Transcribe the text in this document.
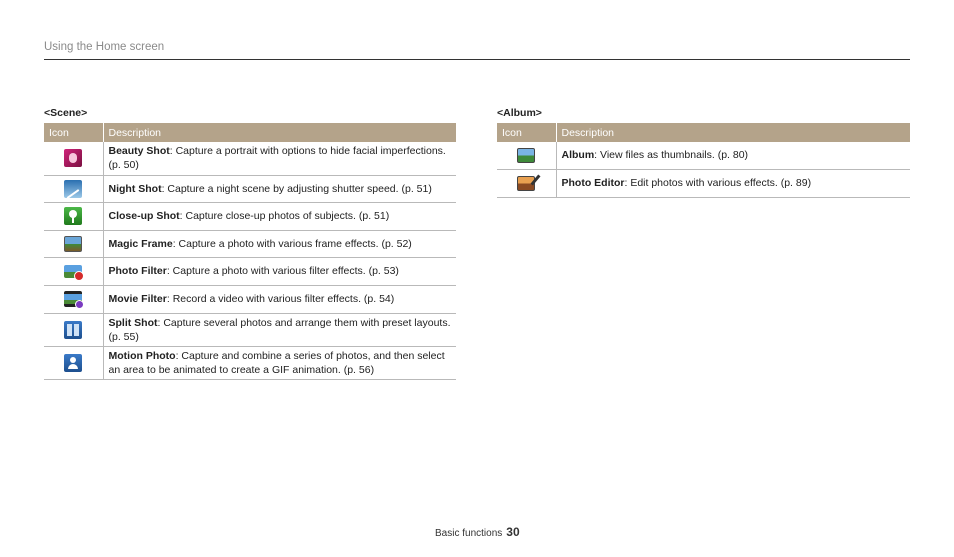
Using the Home screen
<Scene>
Icon	Description

	Beauty Shot: Capture a portrait with options to hide facial imperfections. (p. 50)

	Night Shot: Capture a night scene by adjusting shutter speed. (p. 51)

	Close-up Shot: Capture close-up photos of subjects. (p. 51)
	Magic Frame: Capture a photo with various frame effects. (p. 52)

	Photo Filter: Capture a photo with various filter effects. (p. 53)

	Movie Filter: Record a video with various filter effects. (p. 54)

	Split Shot: Capture several photos and arrange them with preset layouts. (p. 55)

	Motion Photo: Capture and combine a series of photos, and then select an area to be animated to create a GIF animation. (p. 56)
<Album>
Icon	Description
	Album: View files as thumbnails. (p. 80)

	Photo Editor: Edit photos with various effects. (p. 89)
Basic functions 30
